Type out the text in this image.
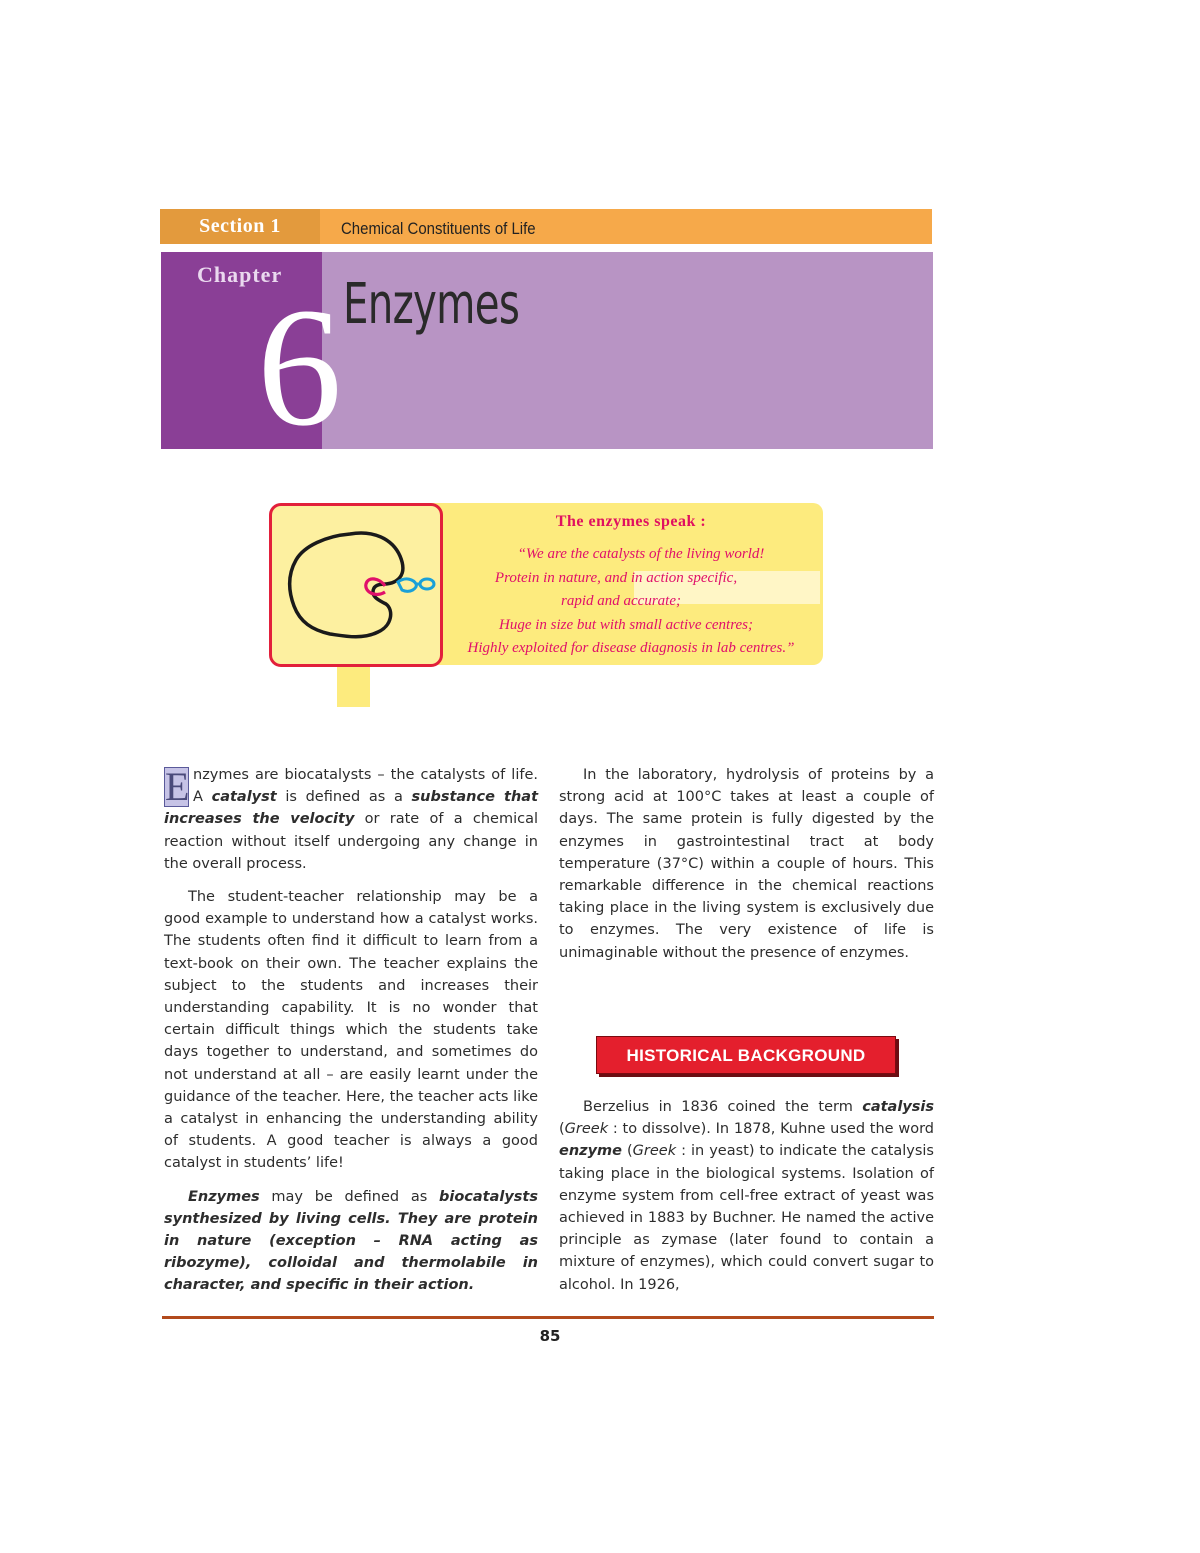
Section 1	Chemical Constituents of Life
Chapter
6 Enzymes
The enzymes speak :
“We are the catalysts of the living world!
Protein in nature, and in action specific,
rapid and accurate;
Huge in size but with small active centres;
Highly exploited for disease diagnosis in lab centres.”

E nzymes are biocatalysts – the catalysts of life. A catalyst is defined as a substance that increases the velocity or rate of a chemical reaction without itself undergoing any change in the overall process.

The student-teacher relationship may be a good example to understand how a catalyst works. The students often find it difficult to learn from a text-book on their own. The teacher explains the subject to the students and increases their understanding capability. It is no wonder that certain difficult things which the students take days together to understand, and sometimes do not understand at all – are easily learnt under the guidance of the teacher. Here, the teacher acts like a catalyst in enhancing the understanding ability of students. A good teacher is always a good catalyst in students’ life!

Enzymes may be defined as biocatalysts synthesized by living cells. They are protein in nature (exception – RNA acting as ribozyme), colloidal and thermolabile in character, and specific in their action.

In the laboratory, hydrolysis of proteins by a strong acid at 100°C takes at least a couple of days. The same protein is fully digested by the enzymes in gastrointestinal tract at body temperature (37°C) within a couple of hours. This remarkable difference in the chemical reactions taking place in the living system is exclusively due to enzymes. The very existence of life is unimaginable without the presence of enzymes.

HISTORICAL BACKGROUND

Berzelius in 1836 coined the term catalysis (Greek : to dissolve). In 1878, Kuhne used the word enzyme (Greek : in yeast) to indicate the catalysis taking place in the biological systems. Isolation of enzyme system from cell-free extract of yeast was achieved in 1883 by Buchner. He named the active principle as zymase (later found to contain a mixture of enzymes), which could convert sugar to alcohol. In 1926,

85
